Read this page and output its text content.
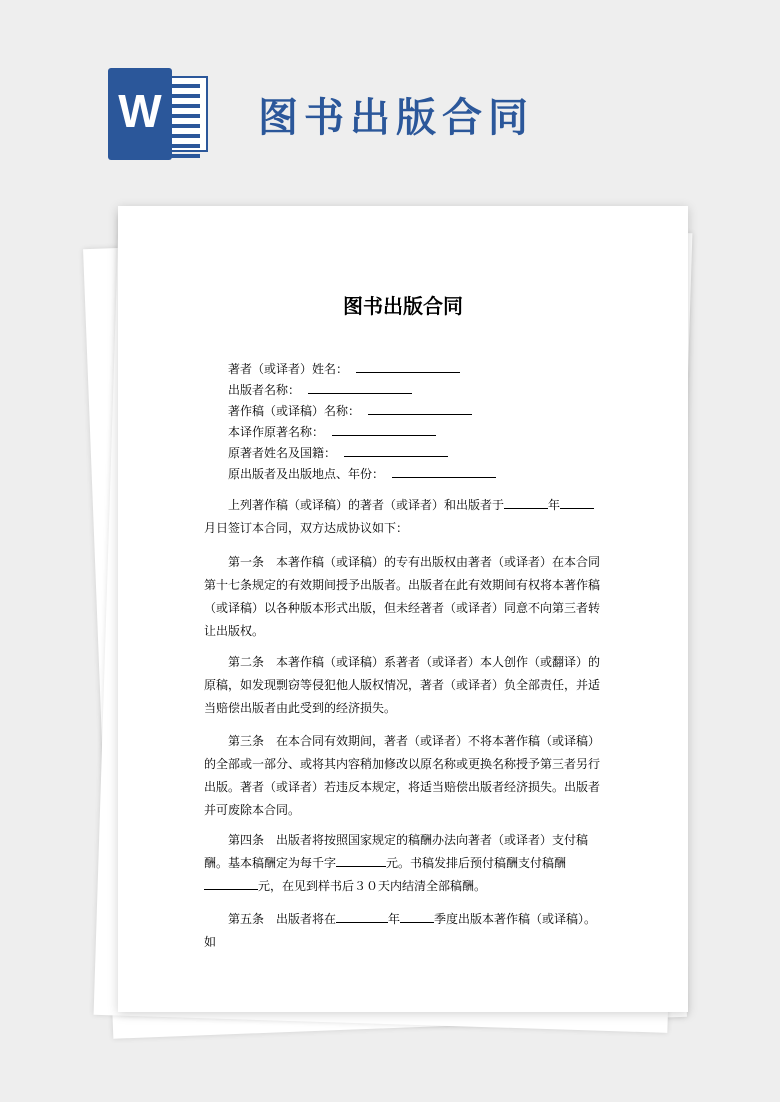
W 图书出版合同
图书出版合同
著者（或译者）姓名：
出版者名称：
著作稿（或译稿）名称：
本译作原著名称：
原著者姓名及国籍：
原出版者及出版地点、年份：

上列著作稿（或译稿）的著者（或译者）和出版者于	年月日签订本合同，双方达成协议如下：

第一条　本著作稿（或译稿）的专有出版权由著者（或译者）在本合同第十七条规定的有效期间授予出版者。出版者在此有效期间有权将本著作稿（或译稿）以各种版本形式出版，但未经著者（或译者）同意不向第三者转让出版权。

第二条　本著作稿（或译稿）系著者（或译者）本人创作（或翻译）的原稿，如发现剽窃等侵犯他人版权情况，著者（或译者）负全部责任，并适当赔偿出版者由此受到的经济损失。

第三条　在本合同有效期间，著者（或译者）不将本著作稿（或译稿）的全部或一部分、或将其内容稍加修改以原名称或更换名称授予第三者另行出版。著者（或译者）若违反本规定，将适当赔偿出版者经济损失。出版者并可废除本合同。

第四条　出版者将按照国家规定的稿酬办法向著者（或译者）支付稿酬。基本稿酬定为每千字	元。书稿发排后预付稿酬支付稿酬元，在见到样书后３０天内结清全部稿酬。

第五条　出版者将在	年	季度出版本著作稿（或译稿）。如
